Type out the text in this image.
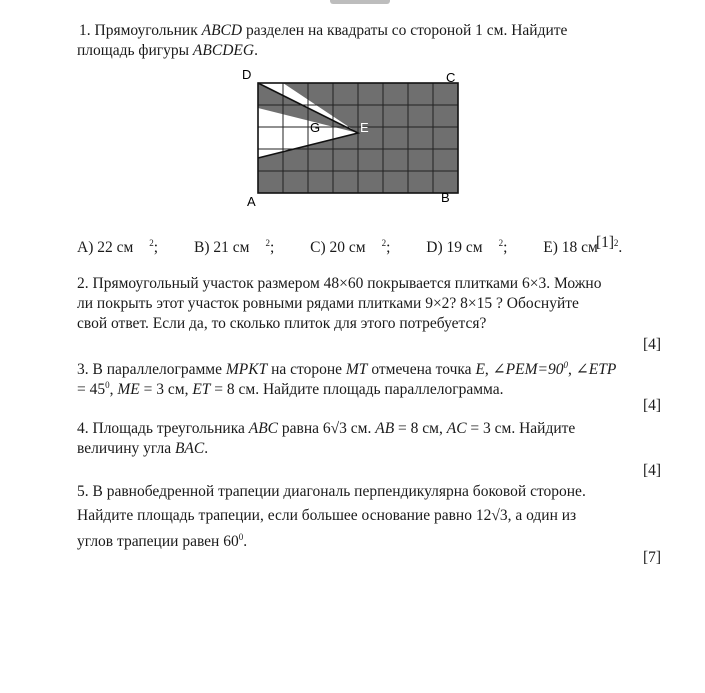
1. Прямоугольник ABCD разделен на квадраты со стороной 1 см. Найдите
площадь фигуры ABCDEG.
D	C
G	E
A	B
A) 22 см $^2$; B) 21 см $^2$; C) 20 см $^2$; D) 19 см $^2$; E) 18 см $^2$.
[1]
2. Прямоугольный участок размером 48×60 покрывается плитками 6×3. Можно
ли покрыть этот участок ровными рядами плитками 9×2? 8×15 ? Обоснуйте
свой ответ. Если да, то сколько плиток для этого потребуется?
[4]
3. В параллелограмме MPKT на стороне MT отмечена точка E, $\angle PEM=90^0$, ∠ETP
= $45^0$, ME = 3 см, ET = 8 см. Найдите площадь параллелограмма.
[4]
4. Площадь треугольника ABC равна 6√3 см. AB = 8 см, AC = 3 см. Найдите
величину угла BAC.
[4]
5. В равнобедренной трапеции диагональ перпендикулярна боковой стороне.
Найдите площадь трапеции, если большее основание равно 12√3, а один из
углов трапеции равен $60^0$.
[7]
